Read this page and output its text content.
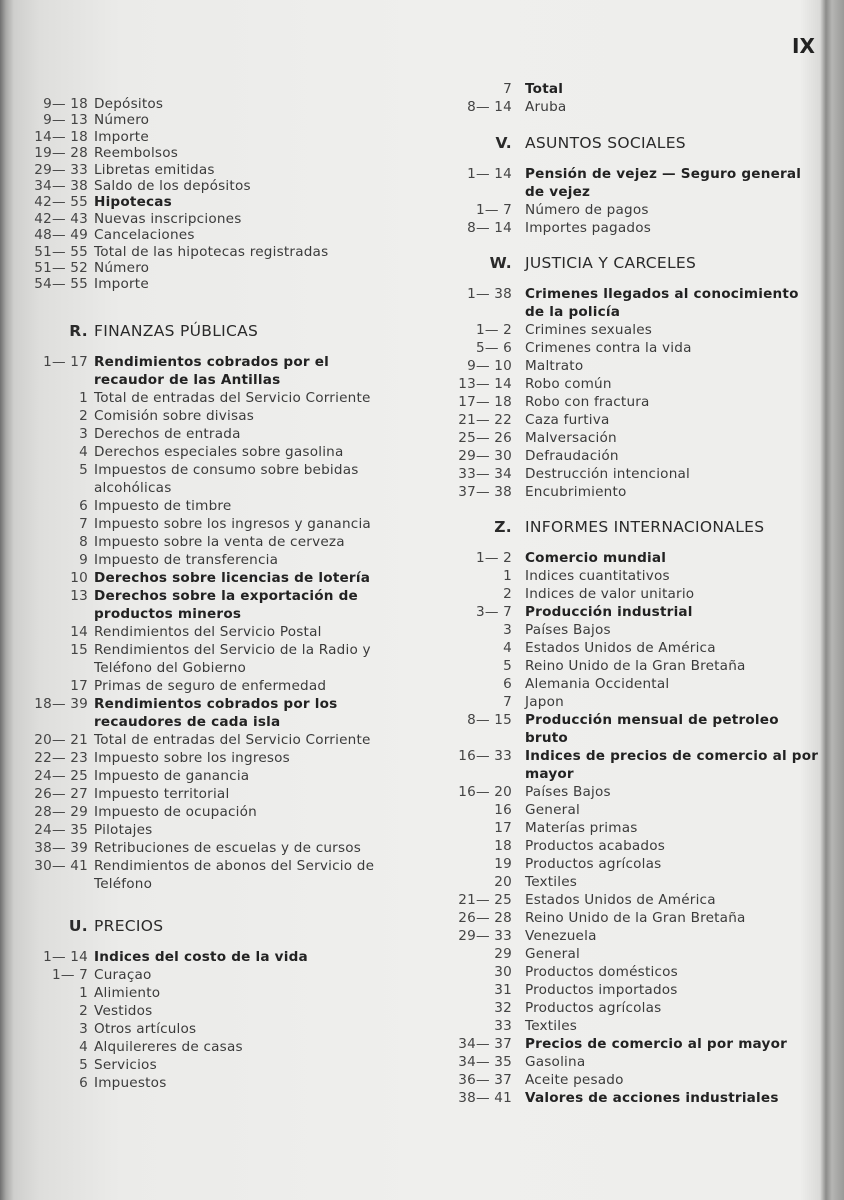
IX
9— 18 Depósitos
9— 13 Número
14— 18 Importe
19— 28 Reembolsos
29— 33 Libretas emitidas
34— 38 Saldo de los depósitos
42— 55 Hipotecas
42— 43 Nuevas inscripciones
48— 49 Cancelaciones
51— 55 Total de las hipotecas registradas
51— 52 Número
54— 55 Importe
R. FINANZAS PÚBLICAS
1— 17 Rendimientos cobrados por el recaudor de las Antillas
1 Total de entradas del Servicio Corriente
2 Comisión sobre divisas
3 Derechos de entrada
4 Derechos especiales sobre gasolina
5 Impuestos de consumo sobre bebidas alcohólicas
6 Impuesto de timbre
7 Impuesto sobre los ingresos y ganancia
8 Impuesto sobre la venta de cerveza
9 Impuesto de transferencia
10 Derechos sobre licencias de lotería
13 Derechos sobre la exportación de productos mineros
14 Rendimientos del Servicio Postal
15 Rendimientos del Servicio de la Radio y Teléfono del Gobierno
17 Primas de seguro de enfermedad
18— 39 Rendimientos cobrados por los recaudores de cada isla
20— 21 Total de entradas del Servicio Corriente
22— 23 Impuesto sobre los ingresos
24— 25 Impuesto de ganancia
26— 27 Impuesto territorial
28— 29 Impuesto de ocupación
24— 35 Pilotajes
38— 39 Retribuciones de escuelas y de cursos
30— 41 Rendimientos de abonos del Servicio de Teléfono
U. PRECIOS
1— 14 Indices del costo de la vida
1— 7 Curaçao
1 Alimiento
2 Vestidos
3 Otros artículos
4 Alquilereres de casas
5 Servicios
6 Impuestos
7 Total
8— 14 Aruba
V. ASUNTOS SOCIALES
1— 14 Pensión de vejez — Seguro general de vejez
1— 7 Número de pagos
8— 14 Importes pagados
W. JUSTICIA Y CARCELES
1— 38 Crimenes llegados al conocimiento de la policía
1— 2 Crimines sexuales
5— 6 Crimenes contra la vida
9— 10 Maltrato
13— 14 Robo común
17— 18 Robo con fractura
21— 22 Caza furtiva
25— 26 Malversación
29— 30 Defraudación
33— 34 Destrucción intencional
37— 38 Encubrimiento
Z. INFORMES INTERNACIONALES
1— 2 Comercio mundial
1 Indices cuantitativos
2 Indices de valor unitario
3— 7 Producción industrial
3 Países Bajos
4 Estados Unidos de América
5 Reino Unido de la Gran Bretaña
6 Alemania Occidental
7 Japon
8— 15 Producción mensual de petroleo bruto
16— 33 Indices de precios de comercio al por mayor
16— 20 Países Bajos
16 General
17 Materías primas
18 Productos acabados
19 Productos agrícolas
20 Textiles
21— 25 Estados Unidos de América
26— 28 Reino Unido de la Gran Bretaña
29— 33 Venezuela
29 General
30 Productos domésticos
31 Productos importados
32 Productos agrícolas
33 Textiles
34— 37 Precios de comercio al por mayor
34— 35 Gasolina
36— 37 Aceite pesado
38— 41 Valores de acciones industriales
